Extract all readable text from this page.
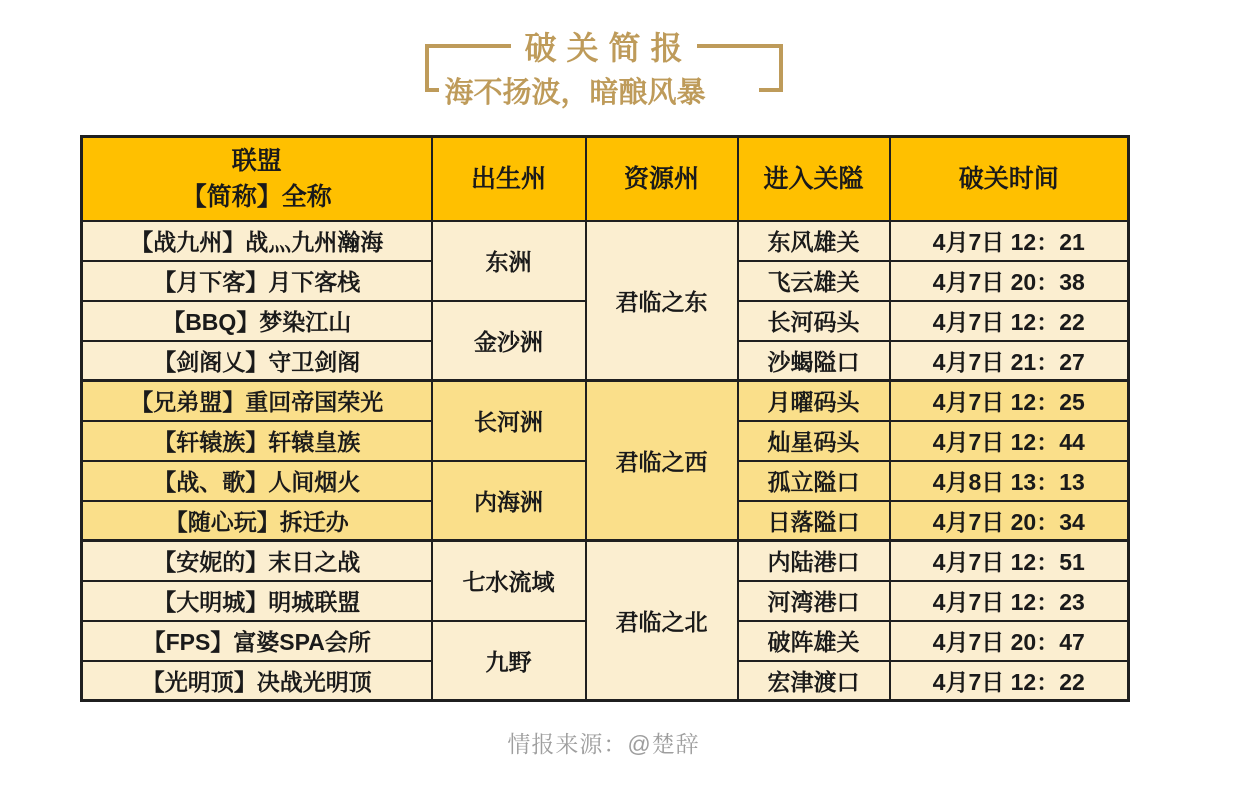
破关简报
海不扬波，暗酿风暴
联盟
【简称】全称	出生州	资源州	进入关隘	破关时间
【战九州】战灬九州瀚海	东洲	君临之东	东风雄关	4月7日 12：21
【月下客】月下客栈			飞云雄关	4月7日 20：38
【BBQ】梦染江山	金沙洲		长河码头	4月7日 12：22
【剑阁乂】守卫剑阁			沙蝎隘口	4月7日 21：27
【兄弟盟】重回帝国荣光	长河洲	君临之西	月曜码头	4月7日 12：25
【轩辕族】轩辕皇族			灿星码头	4月7日 12：44
【战、歌】人间烟火	内海洲		孤立隘口	4月8日 13：13
【随心玩】拆迁办			日落隘口	4月7日 20：34
【安妮的】末日之战	七水流域	君临之北	内陆港口	4月7日 12：51
【大明城】明城联盟			河湾港口	4月7日 12：23
【FPS】富婆SPA会所	九野		破阵雄关	4月7日 20：47
【光明顶】决战光明顶			宏津渡口	4月7日 12：22
情报来源：@楚辞
